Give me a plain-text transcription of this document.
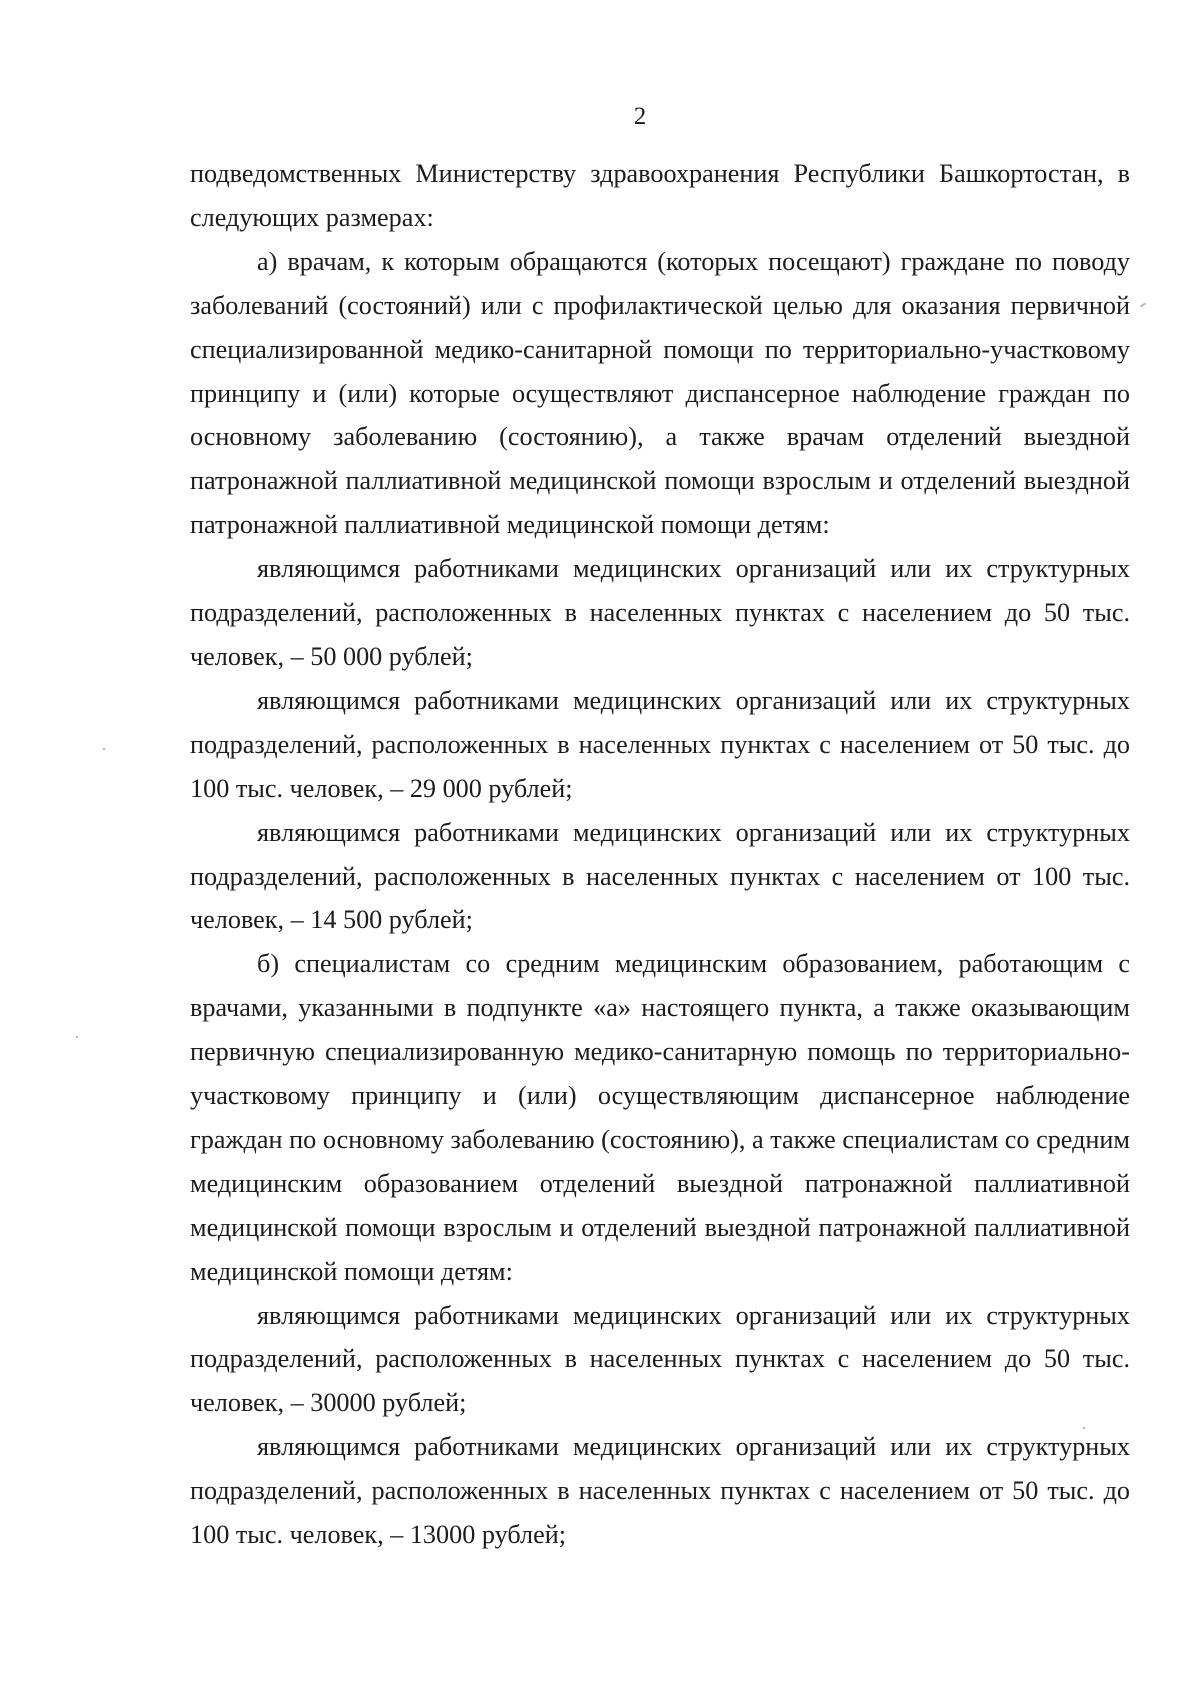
2

подведомственных Министерству здравоохранения Республики Башкортостан, в следующих размерах:

а) врачам, к которым обращаются (которых посещают) граждане по поводу заболеваний (состояний) или с профилактической целью для оказания первичной специализированной медико-санитарной помощи по территориально-участковому принципу и (или) которые осуществляют диспансерное наблюдение граждан по основному заболеванию (состоянию), а также врачам отделений выездной патронажной паллиативной медицинской помощи взрослым и отделений выездной патронажной паллиативной медицинской помощи детям:

являющимся работниками медицинских организаций или их структурных подразделений, расположенных в населенных пунктах с населением до 50 тыс. человек, – 50 000 рублей;

являющимся работниками медицинских организаций или их структурных подразделений, расположенных в населенных пунктах с населением от 50 тыс. до 100 тыс. человек, – 29 000 рублей;

являющимся работниками медицинских организаций или их структурных подразделений, расположенных в населенных пунктах с населением от 100 тыс. человек, – 14 500 рублей;

б) специалистам со средним медицинским образованием, работающим с врачами, указанными в подпункте «а» настоящего пункта, а также оказывающим первичную специализированную медико-санитарную помощь по территориально-участковому принципу и (или) осуществляющим диспансерное наблюдение граждан по основному заболеванию (состоянию), а также специалистам со средним медицинским образованием отделений выездной патронажной паллиативной медицинской помощи взрослым и отделений выездной патронажной паллиативной медицинской помощи детям:

являющимся работниками медицинских организаций или их структурных подразделений, расположенных в населенных пунктах с населением до 50 тыс. человек, – 30000 рублей;

являющимся работниками медицинских организаций или их структурных подразделений, расположенных в населенных пунктах с населением от 50 тыс. до 100 тыс. человек, – 13000 рублей;
